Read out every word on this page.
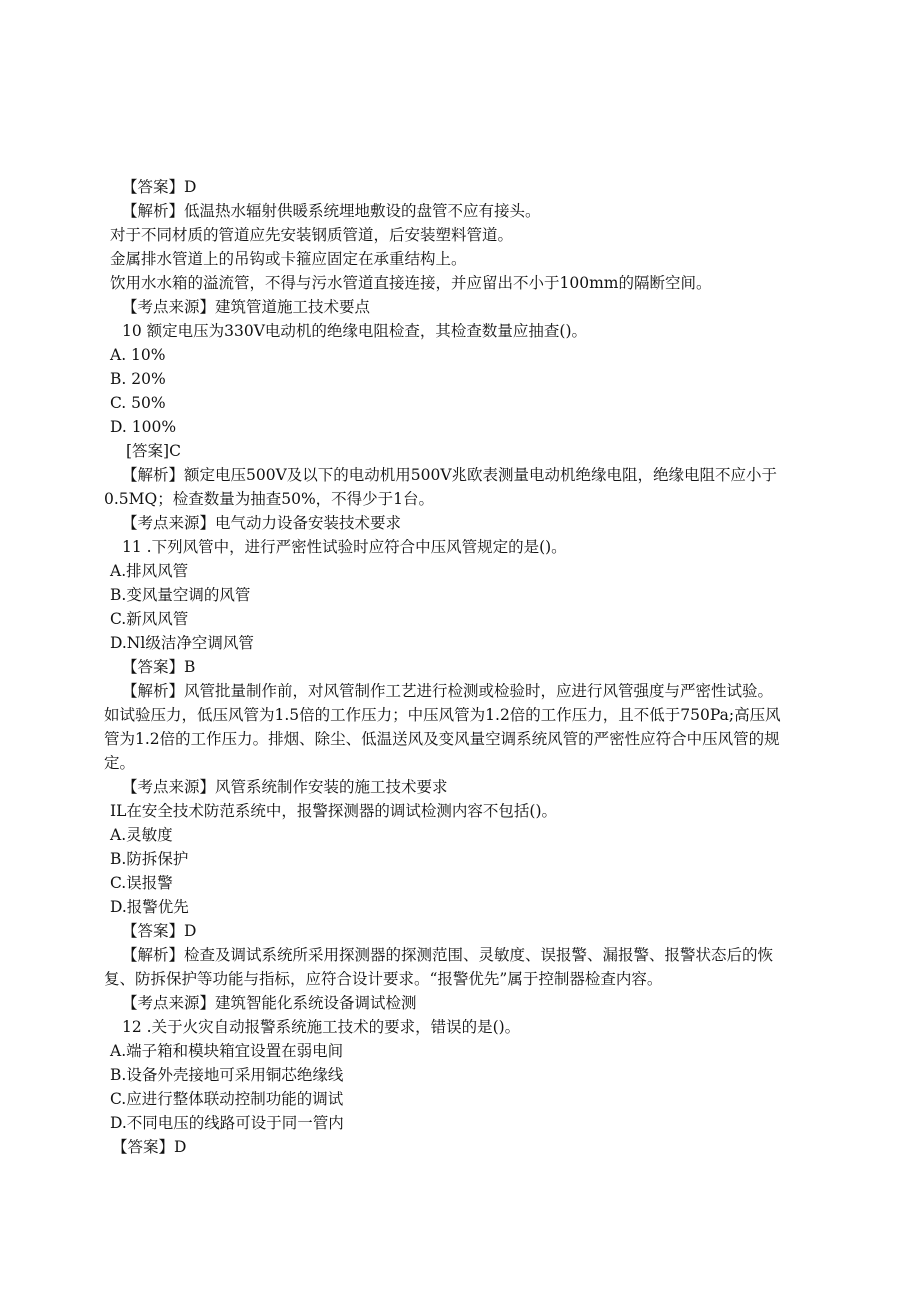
【答案】D
【解析】低温热水辐射供暖系统埋地敷设的盘管不应有接头。
对于不同材质的管道应先安装钢质管道，后安装塑料管道。
金属排水管道上的吊钩或卡箍应固定在承重结构上。
饮用水水箱的溢流管，不得与污水管道直接连接，并应留出不小于100mm的隔断空间。
【考点来源】建筑管道施工技术要点
10 额定电压为330V电动机的绝缘电阻检查，其检查数量应抽查()。
A. 10%
B. 20%
C. 50%
D. 100%
[答案]C
【解析】额定电压500V及以下的电动机用500V兆欧表测量电动机绝缘电阻，绝缘电阻不应小于
0.5MQ；检查数量为抽查50%，不得少于1台。
【考点来源】电气动力设备安装技术要求
11 .下列风管中，进行严密性试验时应符合中压风管规定的是()。
A.排风风管
B.变风量空调的风管
C.新风风管
D.Nl级洁净空调风管
【答案】B
【解析】风管批量制作前，对风管制作工艺进行检测或检验时，应进行风管强度与严密性试验。
如试验压力，低压风管为1.5倍的工作压力；中压风管为1.2倍的工作压力，且不低于750Pa;高压风
管为1.2倍的工作压力。排烟、除尘、低温送风及变风量空调系统风管的严密性应符合中压风管的规
定。
【考点来源】风管系统制作安装的施工技术要求
IL在安全技术防范系统中，报警探测器的调试检测内容不包括()。
A.灵敏度
B.防拆保护
C.误报警
D.报警优先
【答案】D
【解析】检查及调试系统所采用探测器的探测范围、灵敏度、误报警、漏报警、报警状态后的恢
复、防拆保护等功能与指标，应符合设计要求。“报警优先”属于控制器检查内容。
【考点来源】建筑智能化系统设备调试检测
12 .关于火灾自动报警系统施工技术的要求，错误的是()。
A.端子箱和模块箱宜设置在弱电间
B.设备外壳接地可采用铜芯绝缘线
C.应进行整体联动控制功能的调试
D.不同电压的线路可设于同一管内
【答案】D
